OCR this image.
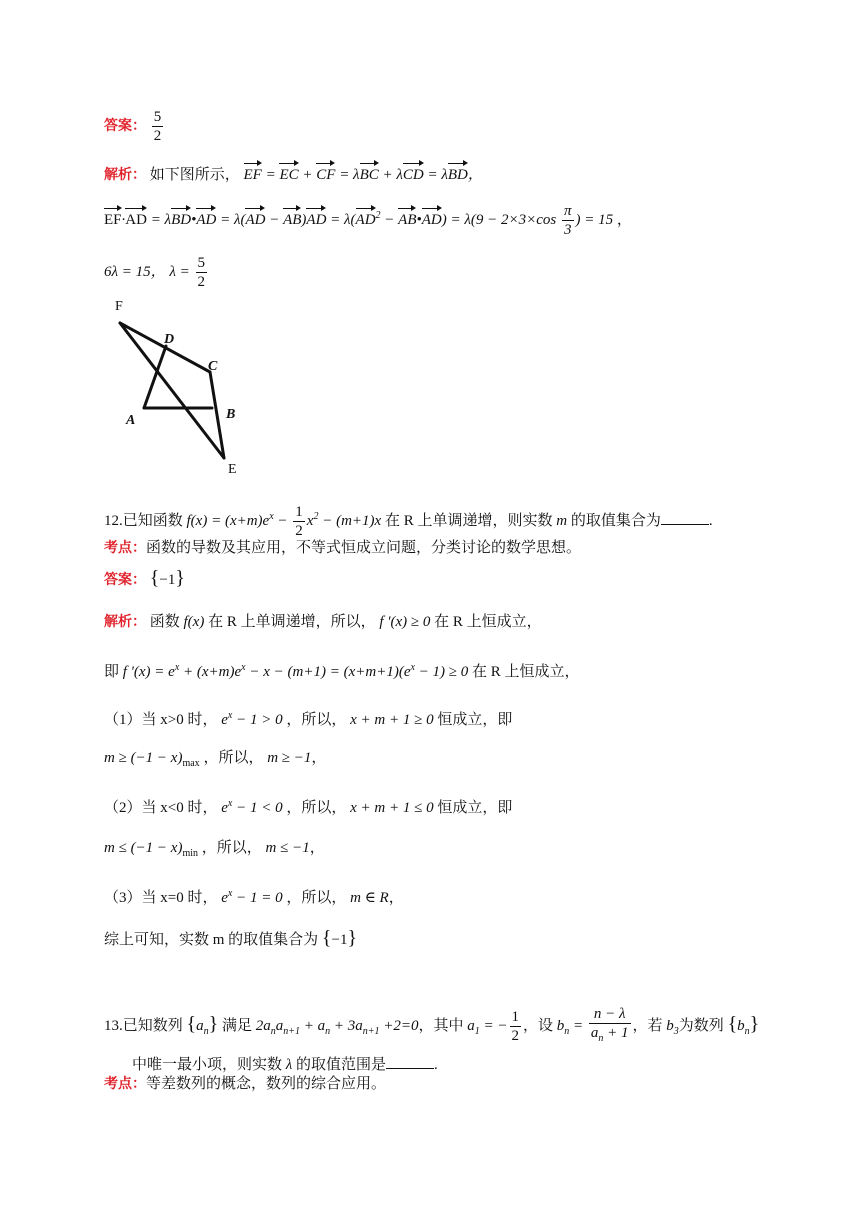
答案： $\frac{5}{2}$
解析： 如下图所示， EF = EC + CF = λBC + λCD = λBD，
EF·AD = λBD•AD = $\lambda(AD - AB)AD = \lambda(AD^2$ − AB•AD) = $\lambda(9 - 2\times 3\times\cos \frac{\pi}{3}$ ) = 15 ，
6λ = 15， $\lambda = \frac{5}{2}$
F
D
C
A	B
E
12.已知函数 $f(x) = (x+m)e^x - \frac{1}{2} x^2 - (m+1)x$ 在 R 上单调递增，则实数 m 的取值集合为	.
考点：函数的导数及其应用，不等式恒成立问题，分类讨论的数学思想。
答案： {−1}
解析： 函数 f(x) 在 R 上单调递增，所以， f '(x) ≥ 0 在 R 上恒成立，
即 f '$(x) = e^x + (x+m)e^x - x - (m+1) = (x+m+1)(e^x - 1) \ge 0$ 在 R 上恒成立，
（1）当 x>0 时， $e^x - 1 > 0$ ，所以， x + m + 1 ≥ 0 恒成立，即
$m \ge (-1 - x)_{max}$ ，所以， m ≥ −1，
（2）当 x<0 时， $e^x - 1 < 0$ ，所以， x + m + 1 ≤ 0 恒成立，即
$m \le (-1 - x)_{min}$ ，所以， m ≤ −1，
（3）当 x=0 时， $e^x - 1 = 0$ ，所以， m ∈ R，
综上可知，实数 m 的取值集合为 {−1}
13.已知数列 $\{a_n\}$ 满足 $2a_na_{n+1} + a_n + 3a_{n+1} +2=0$，其中 $a_1$ = − $\frac{1}{2}$ ，设 $b_n = \frac{n - \lambda}{a_n + 1}$ ，若 $b_3$为数列 $\{b_n\}$
中唯一最小项，则实数 λ 的取值范围是	.
考点：等差数列的概念，数列的综合应用。
